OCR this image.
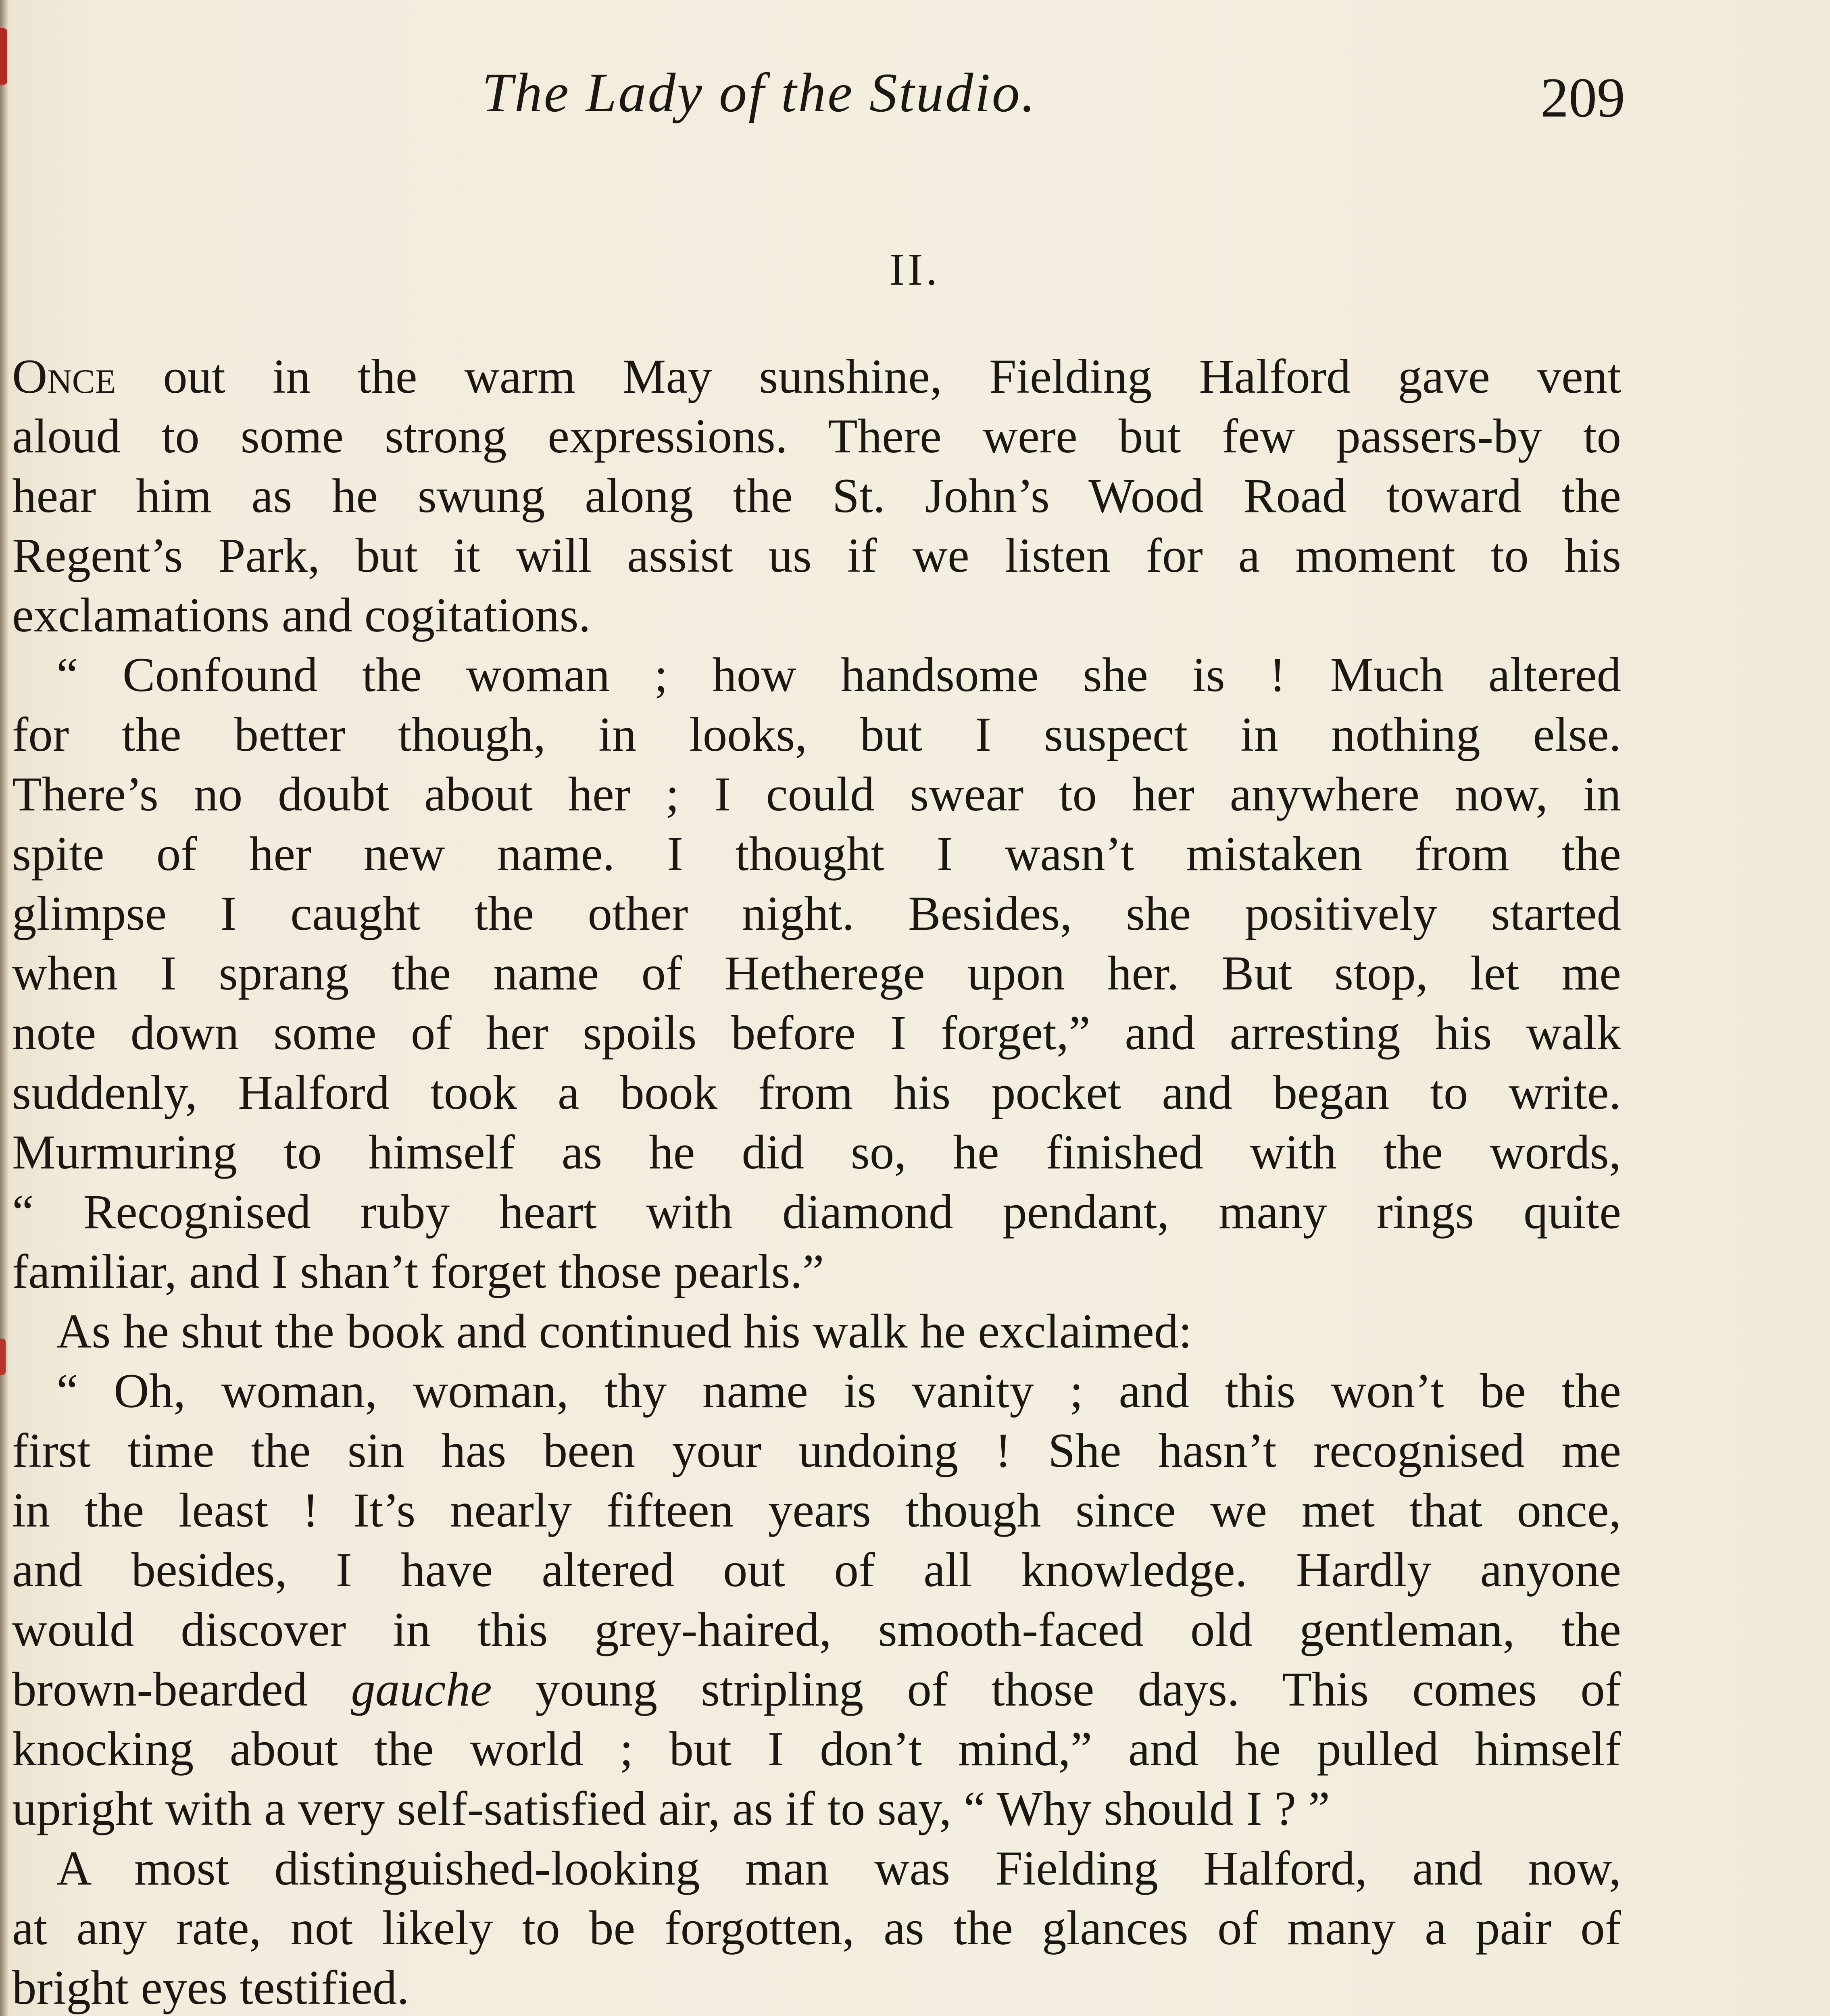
The Lady of the Studio.	209
II.
Once out in the warm May sunshine, Fielding Halford gave vent
aloud to some strong expressions. There were but few passers-by to
hear him as he swung along the St. John’s Wood Road toward the
Regent’s Park, but it will assist us if we listen for a moment to his
exclamations and cogitations.
“ Confound the woman ; how handsome she is ! Much altered
for the better though, in looks, but I suspect in nothing else.
There’s no doubt about her ; I could swear to her anywhere now, in
spite of her new name. I thought I wasn’t mistaken from the
glimpse I caught the other night. Besides, she positively started
when I sprang the name of Hetherege upon her. But stop, let me
note down some of her spoils before I forget,” and arresting his walk
suddenly, Halford took a book from his pocket and began to write.
Murmuring to himself as he did so, he finished with the words,
“ Recognised ruby heart with diamond pendant, many rings quite
familiar, and I shan’t forget those pearls.”
As he shut the book and continued his walk he exclaimed:
“ Oh, woman, woman, thy name is vanity ; and this won’t be the
first time the sin has been your undoing ! She hasn’t recognised me
in the least ! It’s nearly fifteen years though since we met that once,
and besides, I have altered out of all knowledge. Hardly anyone
would discover in this grey-haired, smooth-faced old gentleman, the
brown-bearded gauche young stripling of those days. This comes of
knocking about the world ; but I don’t mind,” and he pulled himself
upright with a very self-satisfied air, as if to say, “ Why should I ? ”
A most distinguished-looking man was Fielding Halford, and now,
at any rate, not likely to be forgotten, as the glances of many a pair of
bright eyes testified.
